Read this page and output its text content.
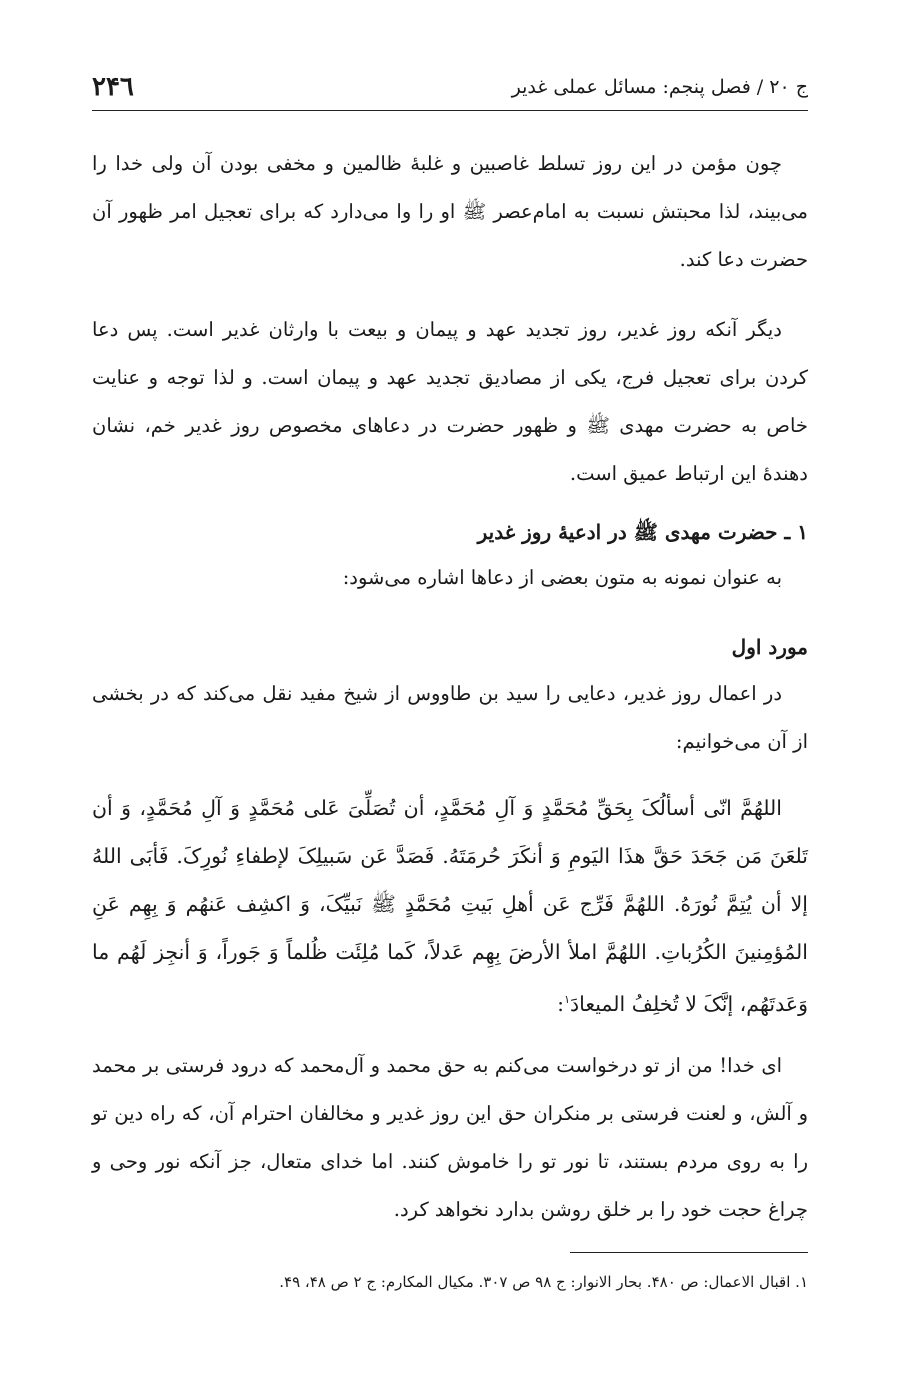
ج ۲۰ / فصل پنجم: مسائل عملی غدیر
۲۴٦

چون مؤمن در این روز تسلط غاصبین و غلبهٔ ظالمین و مخفی بودن آن ولی خدا را می‌بیند، لذا محبتش نسبت به امام‌عصر ﷺ او را وا می‌دارد که برای تعجیل امر ظهور آن حضرت دعا کند.

دیگر آنکه روز غدیر، روز تجدید عهد و پیمان و بیعت با وارثان غدیر است. پس دعا کردن برای تعجیل فرج، یکی از مصادیق تجدید عهد و پیمان است. و لذا توجه و عنایت خاص به حضرت مهدی ﷺ و ظهور حضرت در دعاهای مخصوص روز غدیر خم، نشان دهندهٔ این ارتباط عمیق است.

۱ ـ حضرت مهدی ﷺ در ادعیهٔ روز غدیر

به عنوان نمونه به متون بعضی از دعاها اشاره می‌شود:

مورد اول

در اعمال روز غدیر، دعایی را سید بن طاووس از شیخ مفید نقل می‌کند که در بخشی از آن می‌خوانیم:

اللهُمَّ انّی أسألُکَ بِحَقِّ مُحَمَّدٍ وَ آلِ مُحَمَّدٍ، أن تُصَلِّیَ عَلی مُحَمَّدٍ وَ آلِ مُحَمَّدٍ، وَ أن تَلعَنَ مَن جَحَدَ حَقَّ هذَا الیَومِ وَ أنکَرَ حُرمَتَهُ. فَصَدَّ عَن سَبیلِکَ لإطفاءِ نُورِکَ. فَأبَی اللهُ إلا أن یُتِمَّ نُورَهُ. اللهُمَّ فَرِّج عَن أهلِ بَیتِ مُحَمَّدٍ ﷺ نَبیِّکَ، وَ اکشِف عَنهُم وَ بِهِم عَنِ المُؤمِنینَ الکُرُباتِ. اللهُمَّ املأ الأرضَ بِهِم عَدلاً، کَما مُلِئَت ظُلماً وَ جَوراً، وَ أنجِز لَهُم ما وَعَدتَهُم، إنَّکَ لا تُخلِفُ المیعادَ$^۱$:

ای خدا! من از تو درخواست می‌کنم به حق محمد و آل‌محمد که درود فرستی بر محمد و آلش، و لعنت فرستی بر منکران حق این روز غدیر و مخالفان احترام آن، که راه دین تو را به روی مردم بستند، تا نور تو را خاموش کنند. اما خدای متعال، جز آنکه نور وحی و چراغ حجت خود را بر خلق روشن بدارد نخواهد کرد.

۱. اقبال الاعمال: ص ۴۸۰. بحار الانوار: ج ۹۸ ص ۳۰۷. مکیال المکارم: ج ۲ ص ۴۸، ۴۹.
